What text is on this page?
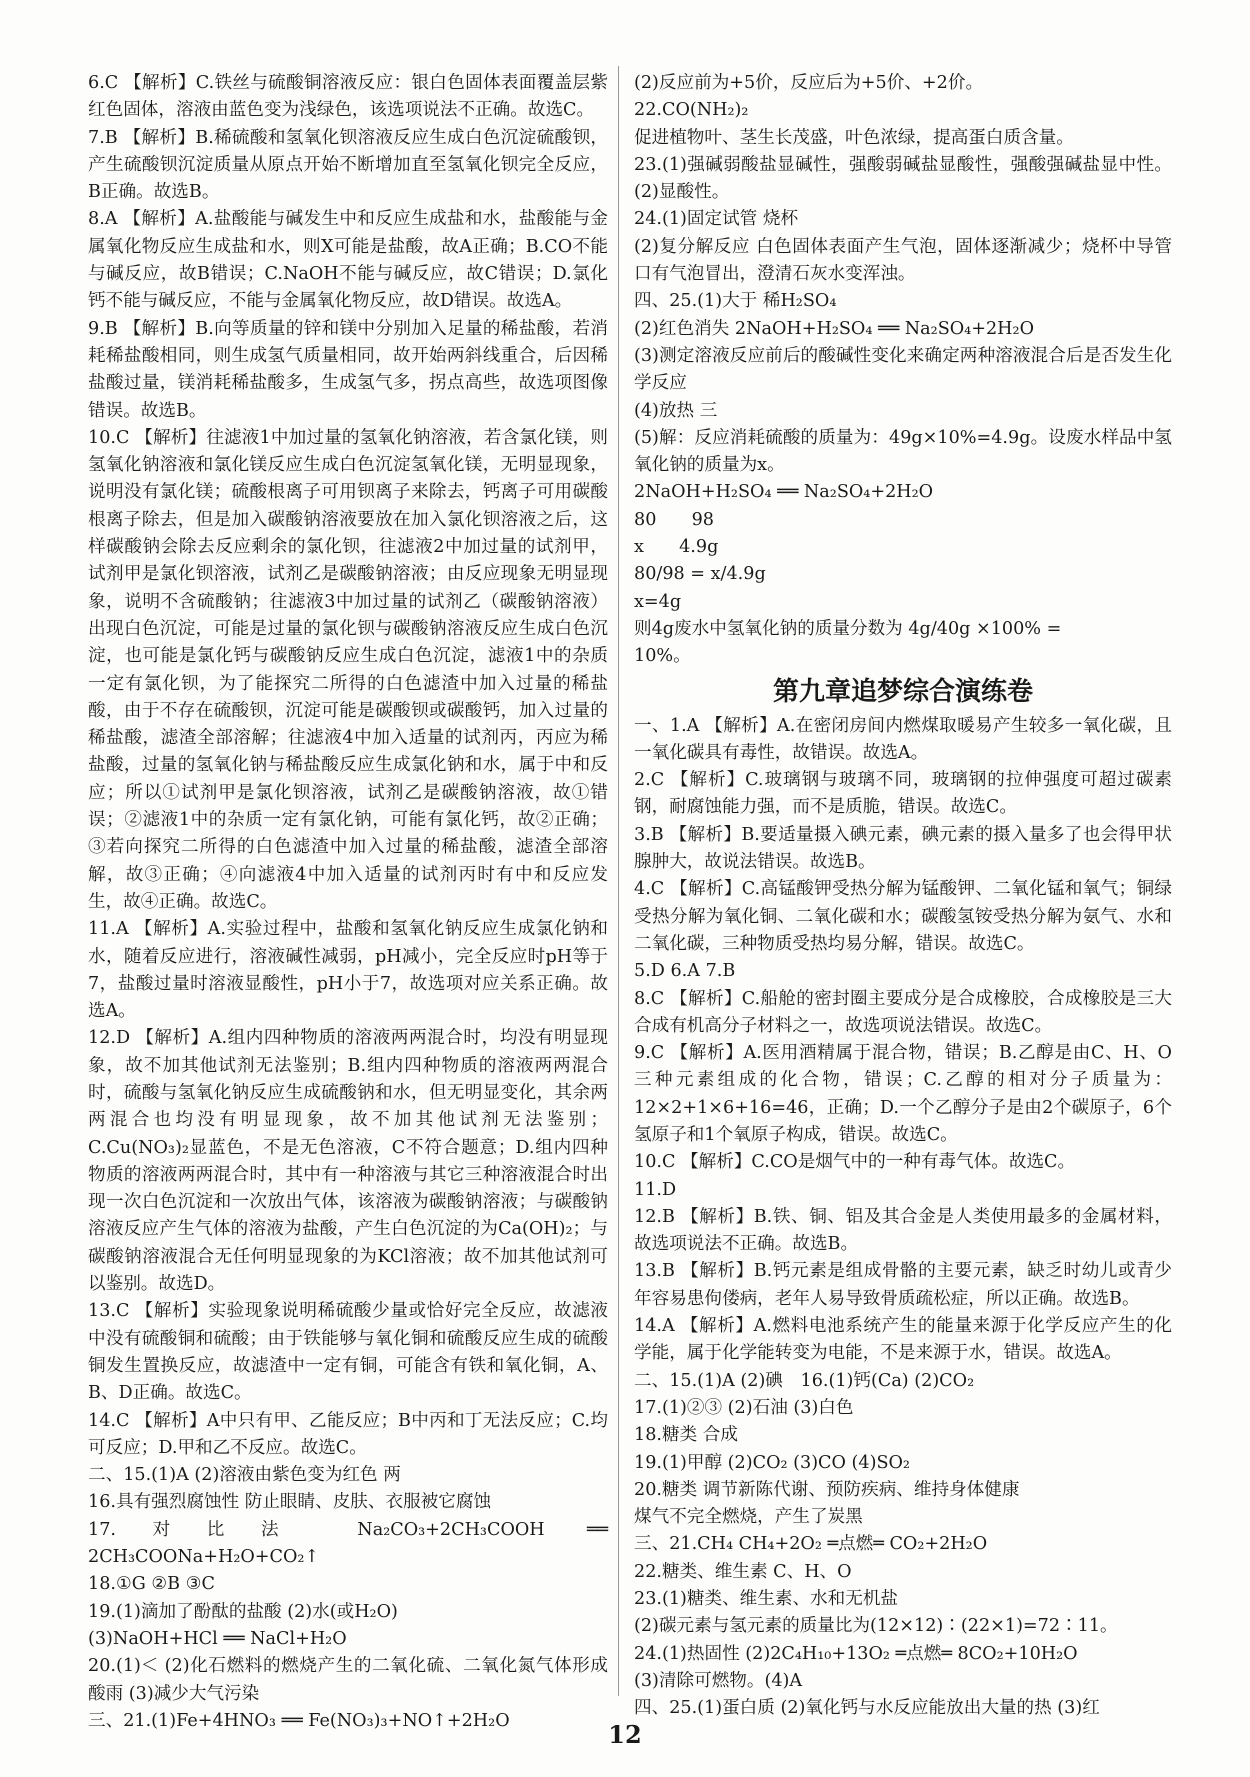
6.C 【解析】C.铁丝与硫酸铜溶液反应：银白色固体表面覆盖层紫红色固体，溶液由蓝色变为浅绿色，该选项说法不正确。故选C。

7.B 【解析】B.稀硫酸和氢氧化钡溶液反应生成白色沉淀硫酸钡，产生硫酸钡沉淀质量从原点开始不断增加直至氢氧化钡完全反应，B正确。故选B。

8.A 【解析】A.盐酸能与碱发生中和反应生成盐和水，盐酸能与金属氧化物反应生成盐和水，则X可能是盐酸，故A正确；B.CO不能与碱反应，故B错误；C.NaOH不能与碱反应，故C错误；D.氯化钙不能与碱反应，不能与金属氧化物反应，故D错误。故选A。

9.B 【解析】B.向等质量的锌和镁中分别加入足量的稀盐酸，若消耗稀盐酸相同，则生成氢气质量相同，故开始两斜线重合，后因稀盐酸过量，镁消耗稀盐酸多，生成氢气多，拐点高些，故选项图像错误。故选B。

10.C 【解析】往滤液1中加过量的氢氧化钠溶液，若含氯化镁，则氢氧化钠溶液和氯化镁反应生成白色沉淀氢氧化镁，无明显现象，说明没有氯化镁；硫酸根离子可用钡离子来除去，钙离子可用碳酸根离子除去，但是加入碳酸钠溶液要放在加入氯化钡溶液之后，这样碳酸钠会除去反应剩余的氯化钡，往滤液2中加过量的试剂甲，试剂甲是氯化钡溶液，试剂乙是碳酸钠溶液；由反应现象无明显现象，说明不含硫酸钠；往滤液3中加过量的试剂乙（碳酸钠溶液）出现白色沉淀，可能是过量的氯化钡与碳酸钠溶液反应生成白色沉淀，也可能是氯化钙与碳酸钠反应生成白色沉淀，滤液1中的杂质一定有氯化钡，为了能探究二所得的白色滤渣中加入过量的稀盐酸，由于不存在硫酸钡，沉淀可能是碳酸钡或碳酸钙，加入过量的稀盐酸，滤渣全部溶解；往滤液4中加入适量的试剂丙，丙应为稀盐酸，过量的氢氧化钠与稀盐酸反应生成氯化钠和水，属于中和反应；所以①试剂甲是氯化钡溶液，试剂乙是碳酸钠溶液，故①错误；②滤液1中的杂质一定有氯化钠，可能有氯化钙，故②正确；③若向探究二所得的白色滤渣中加入过量的稀盐酸，滤渣全部溶解，故③正确；④向滤液4中加入适量的试剂丙时有中和反应发生，故④正确。故选C。

11.A 【解析】A.实验过程中，盐酸和氢氧化钠反应生成氯化钠和水，随着反应进行，溶液碱性减弱，pH减小，完全反应时pH等于7，盐酸过量时溶液显酸性，pH小于7，故选项对应关系正确。故选A。

12.D 【解析】A.组内四种物质的溶液两两混合时，均没有明显现象，故不加其他试剂无法鉴别；B.组内四种物质的溶液两两混合时，硫酸与氢氧化钠反应生成硫酸钠和水，但无明显变化，其余两两混合也均没有明显现象，故不加其他试剂无法鉴别；C.Cu(NO₃)₂显蓝色，不是无色溶液，C不符合题意；D.组内四种物质的溶液两两混合时，其中有一种溶液与其它三种溶液混合时出现一次白色沉淀和一次放出气体，该溶液为碳酸钠溶液；与碳酸钠溶液反应产生气体的溶液为盐酸，产生白色沉淀的为Ca(OH)₂；与碳酸钠溶液混合无任何明显现象的为KCl溶液；故不加其他试剂可以鉴别。故选D。

13.C 【解析】实验现象说明稀硫酸少量或恰好完全反应，故滤液中没有硫酸铜和硫酸；由于铁能够与氧化铜和硫酸反应生成的硫酸铜发生置换反应，故滤渣中一定有铜，可能含有铁和氧化铜，A、B、D正确。故选C。

14.C 【解析】A中只有甲、乙能反应；B中丙和丁无法反应；C.均可反应；D.甲和乙不反应。故选C。

二、15.(1)A (2)溶液由紫色变为红色 两

16.具有强烈腐蚀性 防止眼睛、皮肤、衣服被它腐蚀

17.对比法 Na₂CO₃+2CH₃COOH ══ 2CH₃COONa+H₂O+CO₂↑

18.①G ②B ③C

19.(1)滴加了酚酞的盐酸 (2)水(或H₂O)

(3)NaOH+HCl ══ NaCl+H₂O

20.(1)＜ (2)化石燃料的燃烧产生的二氧化硫、二氧化氮气体形成酸雨 (3)减少大气污染

三、21.(1)Fe+4HNO₃ ══ Fe(NO₃)₃+NO↑+2H₂O

(2)反应前为+5价，反应后为+5价、+2价。

22.CO(NH₂)₂

促进植物叶、茎生长茂盛，叶色浓绿，提高蛋白质含量。

23.(1)强碱弱酸盐显碱性，强酸弱碱盐显酸性，强酸强碱盐显中性。(2)显酸性。

24.(1)固定试管 烧杯

(2)复分解反应 白色固体表面产生气泡，固体逐渐减少；烧杯中导管口有气泡冒出，澄清石灰水变浑浊。

四、25.(1)大于 稀H₂SO₄

(2)红色消失 2NaOH+H₂SO₄ ══ Na₂SO₄+2H₂O

(3)测定溶液反应前后的酸碱性变化来确定两种溶液混合后是否发生化学反应

(4)放热 三

(5)解：反应消耗硫酸的质量为：49g×10%=4.9g。设废水样品中氢氧化钠的质量为x。

2NaOH+H₂SO₄ ══ Na₂SO₄+2H₂O

80　　98

x　　4.9g

80/98 = x/4.9g

x=4g

则4g废水中氢氧化钠的质量分数为 4g/40g ×100% =

10%。

第九章追梦综合演练卷

一、1.A 【解析】A.在密闭房间内燃煤取暖易产生较多一氧化碳，且一氧化碳具有毒性，故错误。故选A。

2.C 【解析】C.玻璃钢与玻璃不同，玻璃钢的拉伸强度可超过碳素钢，耐腐蚀能力强，而不是质脆，错误。故选C。

3.B 【解析】B.要适量摄入碘元素，碘元素的摄入量多了也会得甲状腺肿大，故说法错误。故选B。

4.C 【解析】C.高锰酸钾受热分解为锰酸钾、二氧化锰和氧气；铜绿受热分解为氧化铜、二氧化碳和水；碳酸氢铵受热分解为氨气、水和二氧化碳，三种物质受热均易分解，错误。故选C。

5.D 6.A 7.B

8.C 【解析】C.船舱的密封圈主要成分是合成橡胶，合成橡胶是三大合成有机高分子材料之一，故选项说法错误。故选C。

9.C 【解析】A.医用酒精属于混合物，错误；B.乙醇是由C、H、O三种元素组成的化合物，错误；C.乙醇的相对分子质量为：12×2+1×6+16=46，正确；D.一个乙醇分子是由2个碳原子，6个氢原子和1个氧原子构成，错误。故选C。

10.C 【解析】C.CO是烟气中的一种有毒气体。故选C。

11.D

12.B 【解析】B.铁、铜、铝及其合金是人类使用最多的金属材料，故选项说法不正确。故选B。

13.B 【解析】B.钙元素是组成骨骼的主要元素，缺乏时幼儿或青少年容易患佝偻病，老年人易导致骨质疏松症，所以正确。故选B。

14.A 【解析】A.燃料电池系统产生的能量来源于化学反应产生的化学能，属于化学能转变为电能，不是来源于水，错误。故选A。

二、15.(1)A (2)碘　16.(1)钙(Ca) (2)CO₂

17.(1)②③ (2)石油 (3)白色

18.糖类 合成

19.(1)甲醇 (2)CO₂ (3)CO (4)SO₂

20.糖类 调节新陈代谢、预防疾病、维持身体健康

煤气不完全燃烧，产生了炭黑

三、21.CH₄ CH₄+2O₂ ═点燃═ CO₂+2H₂O

22.糖类、维生素 C、H、O

23.(1)糖类、维生素、水和无机盐

(2)碳元素与氢元素的质量比为(12×12)∶(22×1)=72∶11。

24.(1)热固性 (2)2C₄H₁₀+13O₂ ═点燃═ 8CO₂+10H₂O

(3)清除可燃物。(4)A

四、25.(1)蛋白质 (2)氧化钙与水反应能放出大量的热 (3)红

12
